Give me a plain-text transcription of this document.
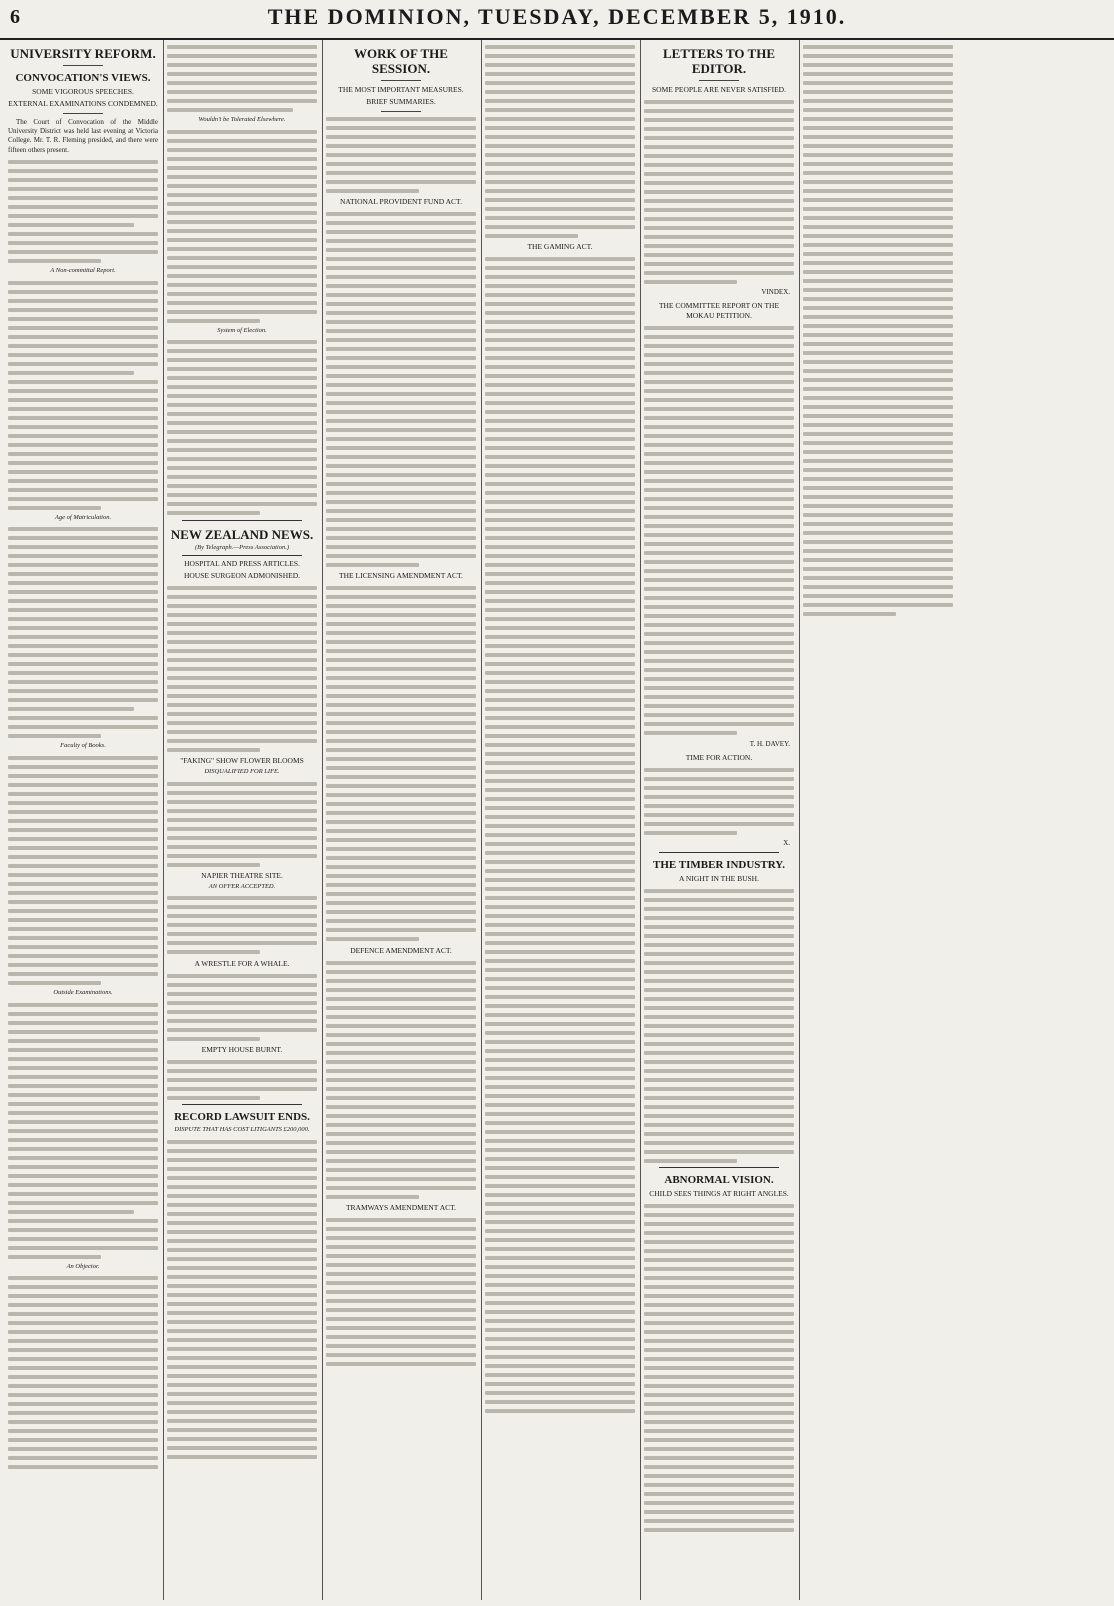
6	THE DOMINION, TUESDAY, DECEMBER 5, 1910.
UNIVERSITY REFORM.
CONVOCATION'S VIEWS.
SOME VIGOROUS SPEECHES.
EXTERNAL EXAMINATIONS CONDEMNED.

The Court of Convocation of the Middle University District was held last evening at Victoria College. Mr. T. R. Fleming presided, and there were fifteen others present.

A Non-committal Report.
Age of Matriculation.
Faculty of Books.
Outside Examinations.
An Objector.
Wouldn't be Tolerated Elsewhere.
System of Election.
NEW ZEALAND NEWS.
(By Telegraph.—Press Association.)
HOSPITAL AND PRESS ARTICLES.
HOUSE SURGEON ADMONISHED.
"FAKING" SHOW FLOWER BLOOMS
DISQUALIFIED FOR LIFE.
NAPIER THEATRE SITE.
AN OFFER ACCEPTED.
A WRESTLE FOR A WHALE.
EMPTY HOUSE BURNT.
RECORD LAWSUIT ENDS.
DISPUTE THAT HAS COST LITIGANTS £200,000.
WORK OF THE SESSION.
THE MOST IMPORTANT MEASURES.
BRIEF SUMMARIES.
NATIONAL PROVIDENT FUND ACT.
THE LICENSING AMENDMENT ACT.
DEFENCE AMENDMENT ACT.
TRAMWAYS AMENDMENT ACT.
THE GAMING ACT.
LETTERS TO THE EDITOR.
SOME PEOPLE ARE NEVER SATISFIED.
VINDEX.
THE COMMITTEE REPORT ON THE MOKAU PETITION.
T. H. DAVEY.
TIME FOR ACTION.
X.
THE TIMBER INDUSTRY.
A NIGHT IN THE BUSH.
ABNORMAL VISION.
CHILD SEES THINGS AT RIGHT ANGLES.
